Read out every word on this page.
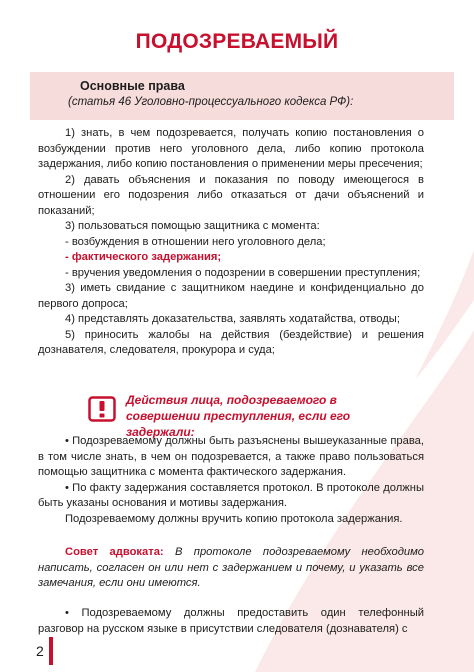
ПОДОЗРЕВАЕМЫЙ
Основные права
(статья 46 Уголовно-процессуального кодекса РФ):
1) знать, в чем подозревается, получать копию постановления о возбуждении против него уголовного дела, либо копию протокола задержания, либо копию постановления о применении меры пресечения;
2) давать объяснения и показания по поводу имеющегося в отношении его подозрения либо отказаться от дачи объяснений и показаний;
3) пользоваться помощью защитника с момента:
- возбуждения в отношении него уголовного дела;
- фактического задержания;
- вручения уведомления о подозрении в совершении преступления;
3) иметь свидание с защитником наедине и конфиденциально до первого допроса;
4) представлять доказательства, заявлять ходатайства, отводы;
5) приносить жалобы на действия (бездействие) и решения дознавателя, следователя, прокурора и суда;
Действия лица, подозреваемого в совершении преступления, если его задержали:
• Подозреваемому должны быть разъяснены вышеуказанные права, в том числе знать, в чем он подозревается, а также право пользоваться помощью защитника с момента фактического задержания.
• По факту задержания составляется протокол. В протоколе должны быть указаны основания и мотивы задержания.
Подозреваемому должны вручить копию протокола задержания.
Совет адвоката: В протоколе подозреваемому необходимо написать, согласен он или нет с задержанием и почему, и указать все замечания, если они имеются.
• Подозреваемому должны предоставить один телефонный разговор на русском языке в присутствии следователя (дознавателя) с
2
